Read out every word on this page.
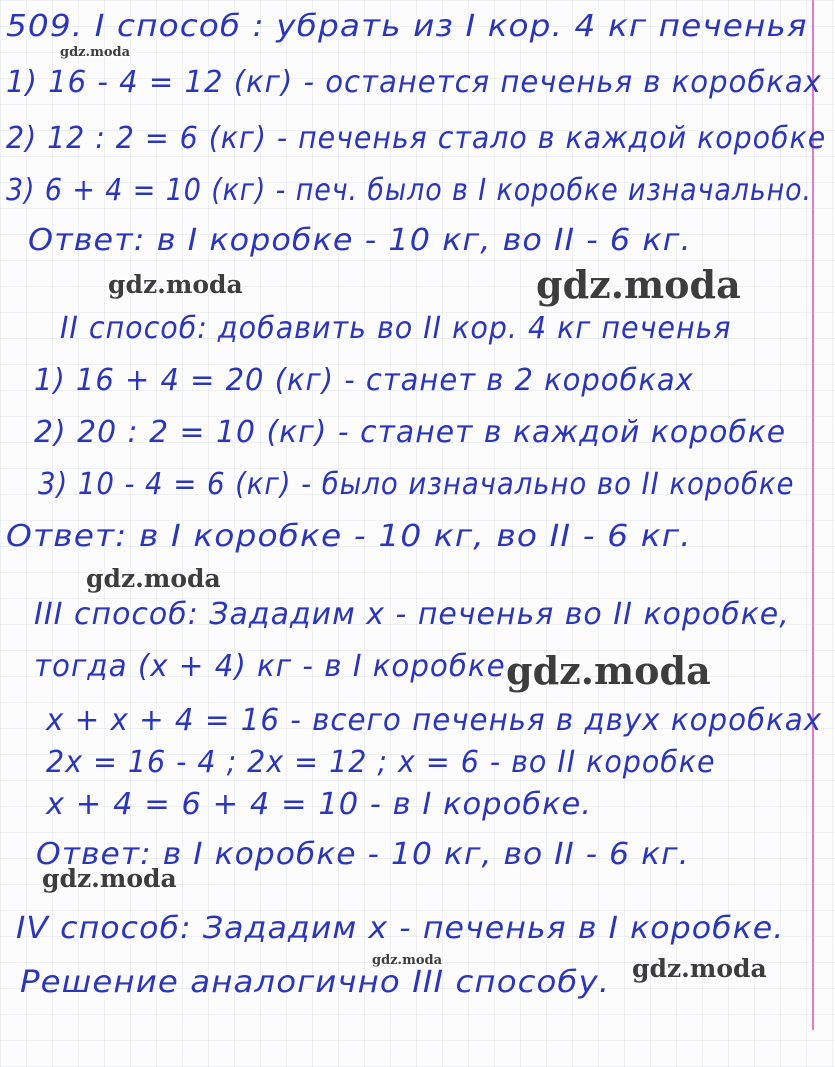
509. I способ : убрать из I кор. 4 кг печенья
1) 16 - 4 = 12 (кг) - останется печенья в коробках
2) 12 : 2 = 6 (кг) - печенья стало в каждой коробке
3) 6 + 4 = 10 (кг) - печ. было в I коробке изначально.
Ответ: в I коробке - 10 кг, во II - 6 кг.
II способ: добавить во II кор. 4 кг печенья
1) 16 + 4 = 20 (кг) - станет в 2 коробках
2) 20 : 2 = 10 (кг) - станет в каждой коробке
3) 10 - 4 = 6 (кг) - было изначально во II коробке
Ответ: в I коробке - 10 кг, во II - 6 кг.
III способ: Зададим x - печенья во II коробке,
тогда (x + 4) кг - в I коробке
x + x + 4 = 16 - всего печенья в двух коробках
2x = 16 - 4 ; 2x = 12 ; x = 6 - во II коробке
x + 4 = 6 + 4 = 10 - в I коробке.
Ответ: в I коробке - 10 кг, во II - 6 кг.
IV способ: Зададим x - печенья в I коробке.
Решение аналогично III способу.
gdz.moda
gdz.moda	gdz.moda
gdz.moda
gdz.moda
gdz.moda
gdz.moda	gdz.moda
